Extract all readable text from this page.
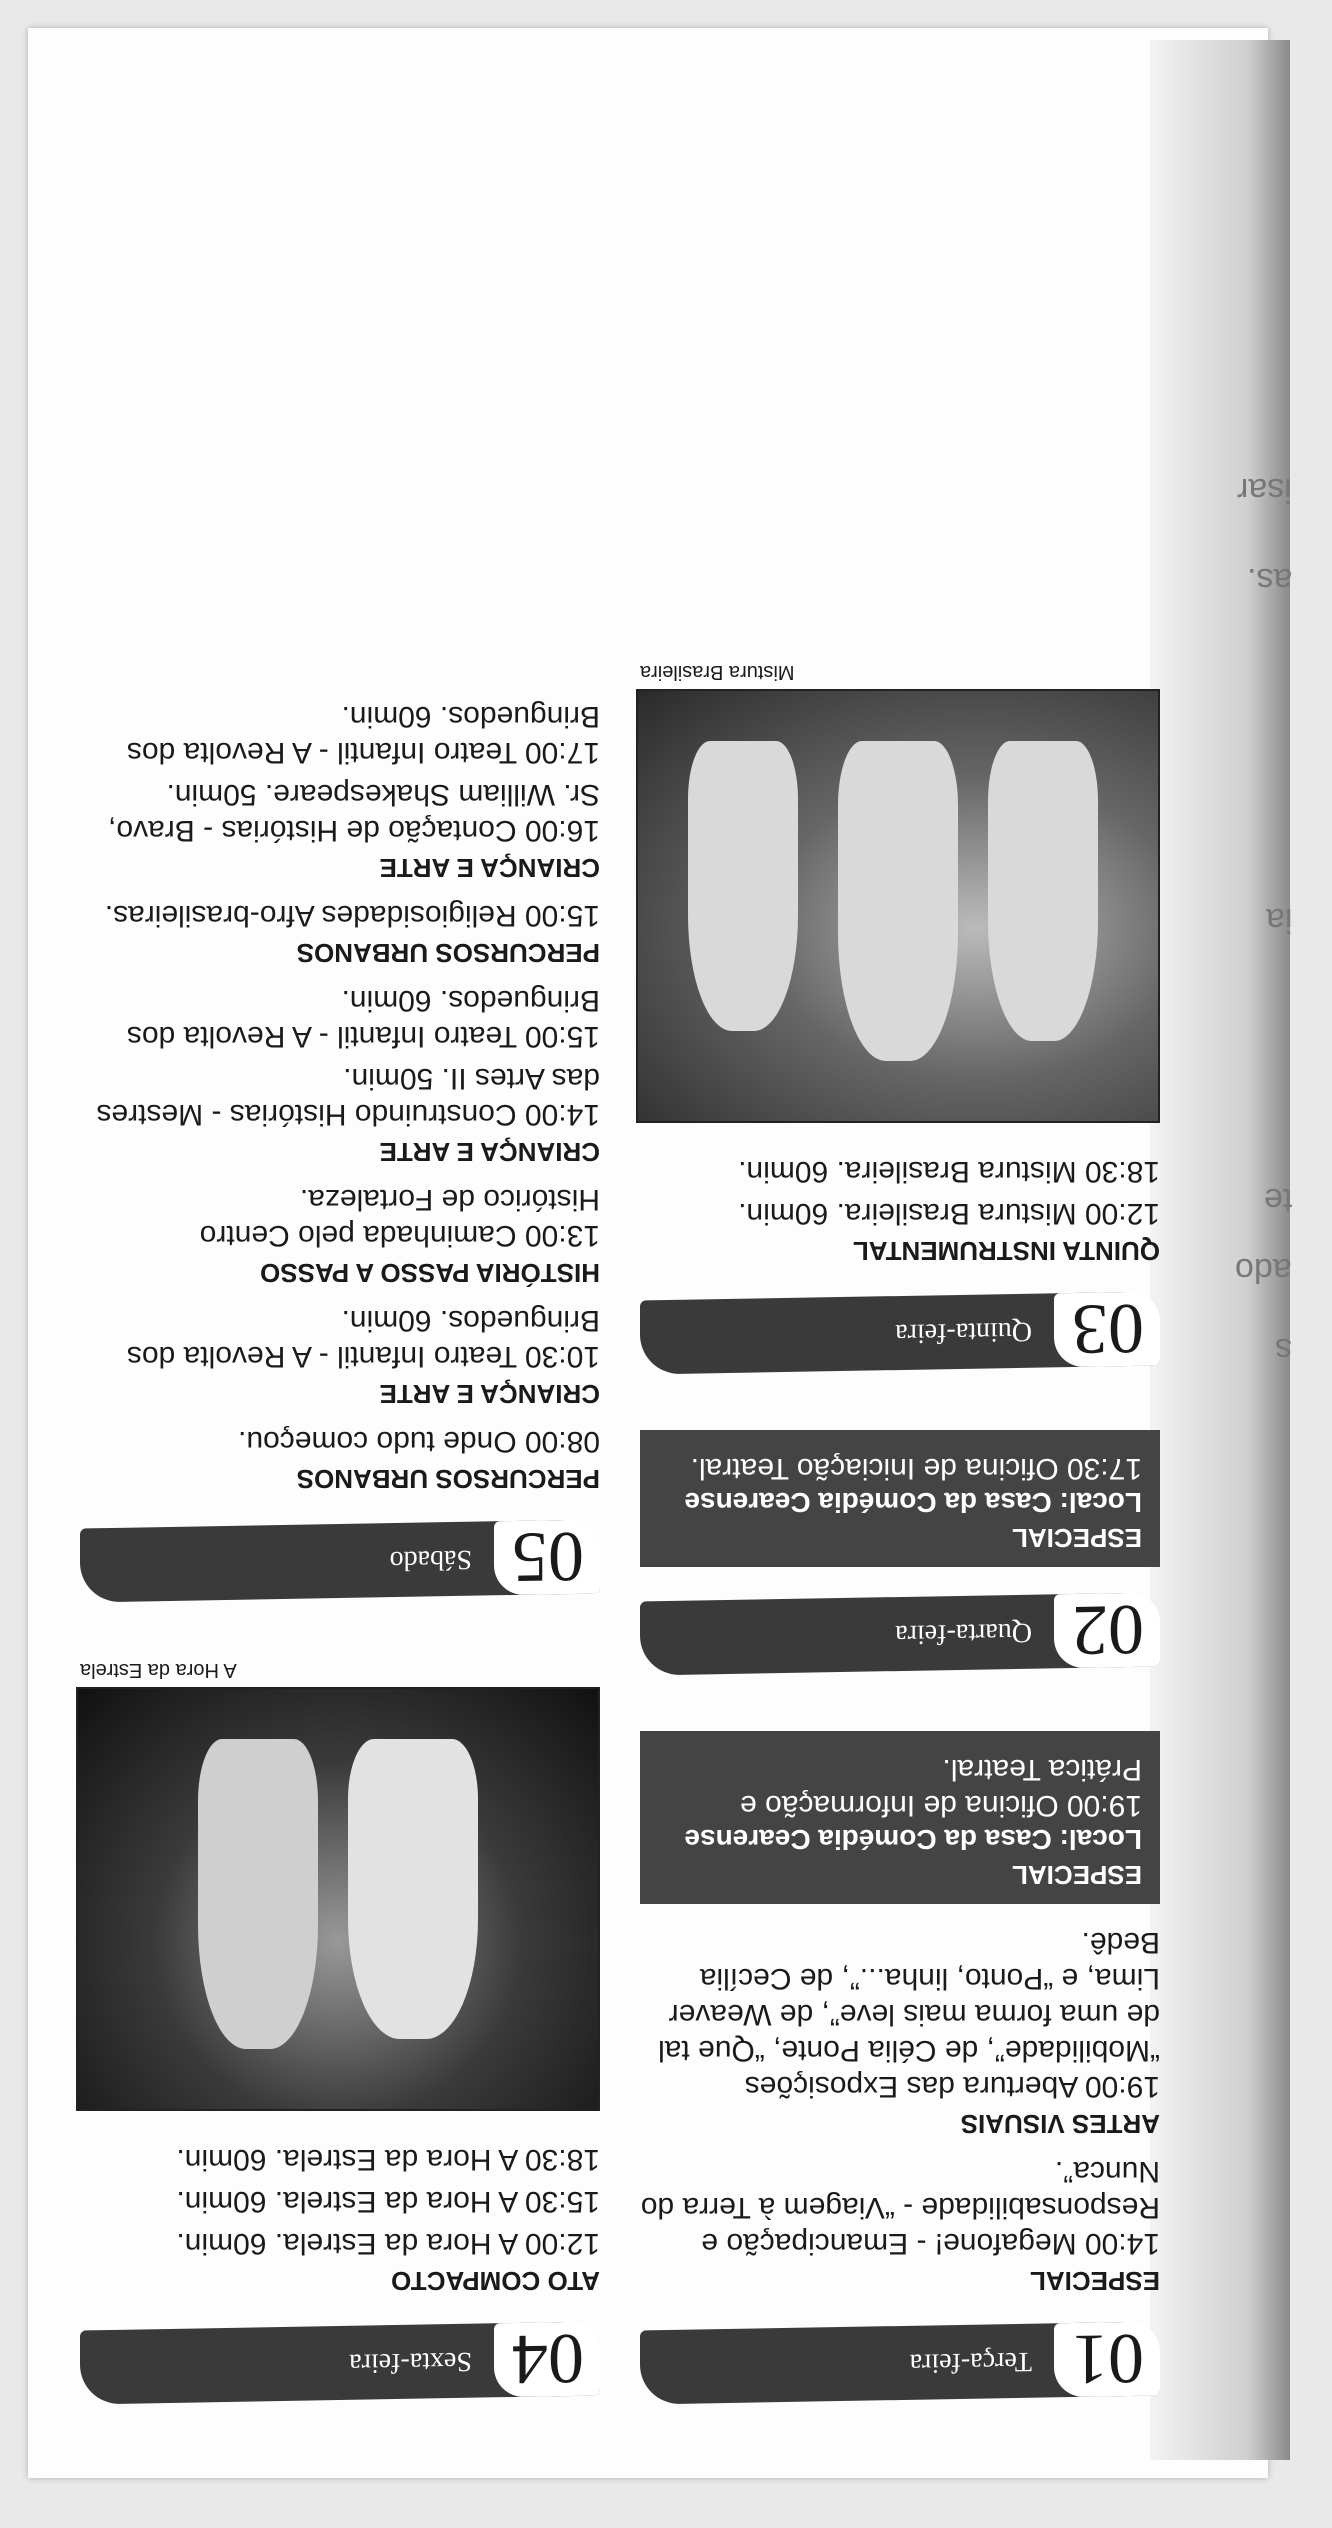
isar
as.
ia
te
s
ado
01
Terça-feira
ESPECIAL
14:00 Megafone! - Emancipação e Responsabilidade - “Viagem à Terra do Nunca”.
ARTES VISUAIS
19:00 Abertura das Exposições “Mobilidade”, de Célia Ponte, “Que tal de uma forma mais leve”, de Weaver Lima, e “Ponto, linha...”, de Cecília Bedê.
ESPECIAL
Local: Casa da Comédia Cearense
19:00 Oficina de Informação e Prática Teatral.
02
Quarta-feira
ESPECIAL
Local: Casa da Comédia Cearense
17:30 Oficina de Iniciação Teatral.
03
Quinta-feira
QUINTA INSTRUMENTAL
12:00 Mistura Brasileira. 60min.
18:30 Mistura Brasileira. 60min.
Mistura Brasileira
04
Sexta-feira
ATO COMPACTO
12:00 A Hora da Estrela. 60min.
15:30 A Hora da Estrela. 60min.
18:30 A Hora da Estrela. 60min.
A Hora da Estrela
05
Sábado
PERCURSOS URBANOS
08:00 Onde tudo começou.
CRIANÇA E ARTE
10:30 Teatro Infantil - A Revolta dos Bringuedos. 60min.
HISTÓRIA PASSO A PASSO
13:00 Caminhada pelo Centro Histórico de Fortaleza.
CRIANÇA E ARTE
14:00 Construindo Histórias - Mestres das Artes II. 50min.
15:00 Teatro Infantil - A Revolta dos Bringuedos. 60min.
PERCURSOS URBANOS
15:00 Religiosidades Afro-brasileiras.
CRIANÇA E ARTE
16:00 Contação de Histórias - Bravo, Sr. William Shakespeare. 50min.
17:00 Teatro Infantil - A Revolta dos Bringuedos. 60min.
